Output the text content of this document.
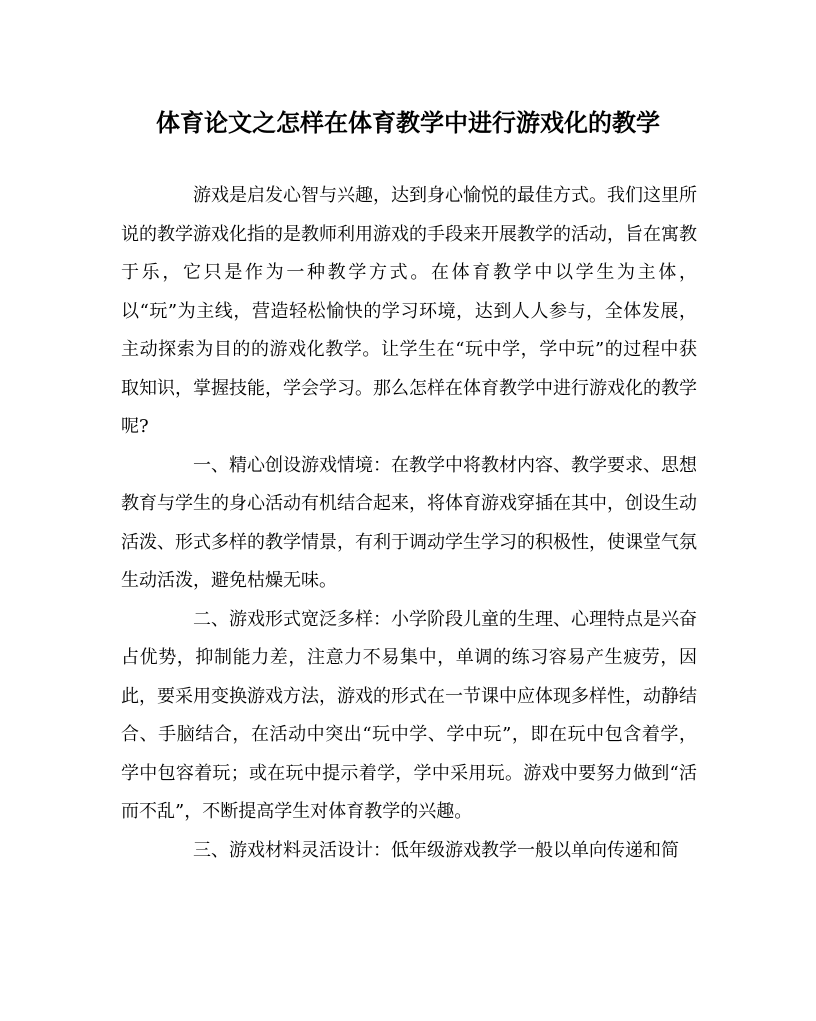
体育论文之怎样在体育教学中进行游戏化的教学

游戏是启发心智与兴趣，达到身心愉悦的最佳方式。我们这里所说的教学游戏化指的是教师利用游戏的手段来开展教学的活动，旨在寓教于乐，它只是作为一种教学方式。在体育教学中以学生为主体，以“玩”为主线，营造轻松愉快的学习环境，达到人人参与，全体发展，主动探索为目的的游戏化教学。让学生在“玩中学，学中玩”的过程中获取知识，掌握技能，学会学习。那么怎样在体育教学中进行游戏化的教学呢?

一、精心创设游戏情境：在教学中将教材内容、教学要求、思想教育与学生的身心活动有机结合起来，将体育游戏穿插在其中，创设生动活泼、形式多样的教学情景，有利于调动学生学习的积极性，使课堂气氛生动活泼，避免枯燥无味。

二、游戏形式宽泛多样：小学阶段儿童的生理、心理特点是兴奋占优势，抑制能力差，注意力不易集中，单调的练习容易产生疲劳，因此，要采用变换游戏方法，游戏的形式在一节课中应体现多样性，动静结合、手脑结合，在活动中突出“玩中学、学中玩”，即在玩中包含着学，学中包容着玩；或在玩中提示着学，学中采用玩。游戏中要努力做到“活而不乱”，不断提高学生对体育教学的兴趣。

三、游戏材料灵活设计：低年级游戏教学一般以单向传递和简
